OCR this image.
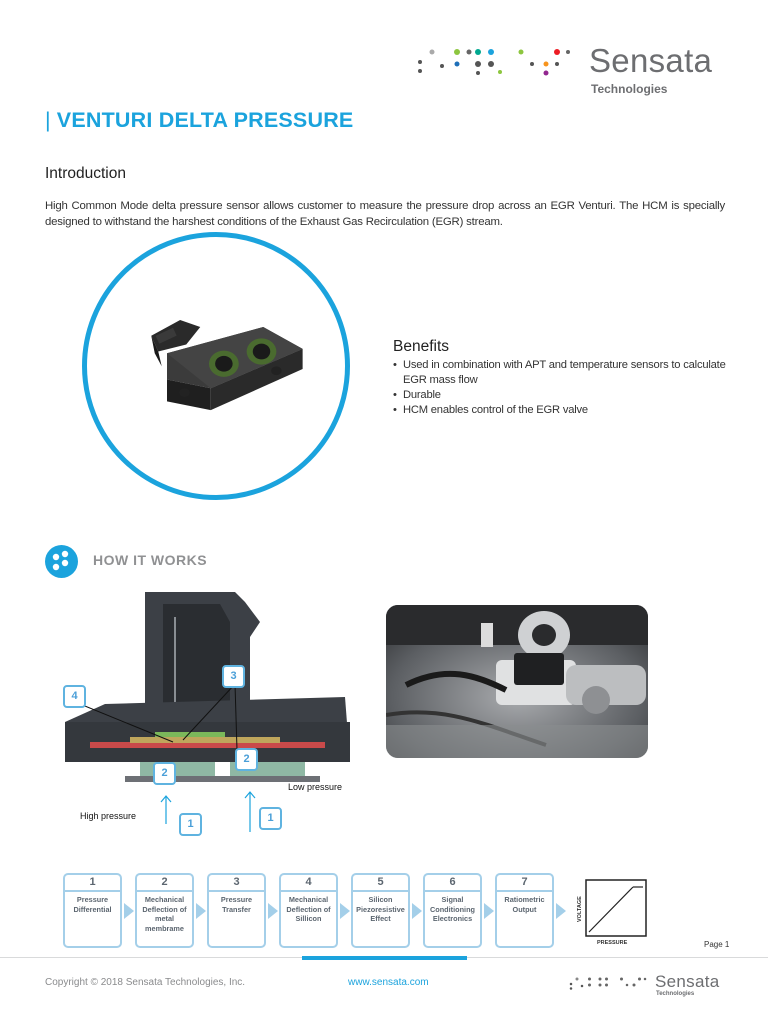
Sensata
Technologies
| VENTURI DELTA PRESSURE
Introduction
High Common Mode delta pressure sensor allows customer to measure the pressure drop across an EGR Venturi. The HCM is specially designed to withstand the harshest conditions of the Exhaust Gas Recirculation (EGR) stream.
Benefits
• Used in combination with APT and temperature sensors to calculate EGR mass flow
• Durable
• HCM enables control of the EGR valve
HOW IT WORKS
4
3
2
2
1	1
Low pressure
High pressure
1
Pressure Differential
2
Mechanical Deflection of metal membrame
3
Pressure Transfer
4
Mechanical Deflection of Sillicon
5
Silicon Piezoresistive Effect
6
Signal Conditioning Electronics
7
Ratiometric Output	VOLTAGE
PRESSURE	Page 1
Copyright © 2018 Sensata Technologies, Inc.	www.sensata.com	Sensata
Technologies
